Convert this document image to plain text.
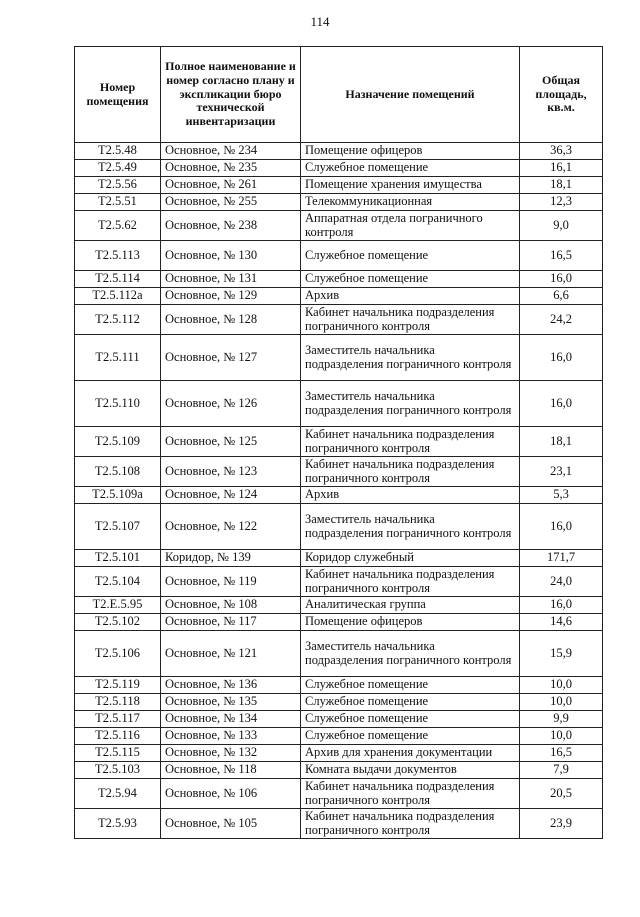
114
Номер помещения	Полное наименование и номер согласно плану и экспликации бюро технической инвентаризации	Назначение помещений	Общая площадь, кв.м.
Т2.5.48	Основное, № 234	Помещение офицеров	36,3
Т2.5.49	Основное, № 235	Служебное помещение	16,1
Т2.5.56	Основное, № 261	Помещение хранения имущества	18,1
Т2.5.51	Основное, № 255	Телекоммуникационная	12,3
Т2.5.62	Основное, № 238	Аппаратная отдела пограничного контроля	9,0
Т2.5.113	Основное, № 130	Служебное помещение	16,5
Т2.5.114	Основное, № 131	Служебное помещение	16,0
Т2.5.112а	Основное, № 129	Архив	6,6
Т2.5.112	Основное, № 128	Кабинет начальника подразделения пограничного контроля	24,2
Т2.5.111	Основное, № 127	Заместитель начальника подразделения пограничного контроля	16,0
Т2.5.110	Основное, № 126	Заместитель начальника подразделения пограничного контроля	16,0
Т2.5.109	Основное, № 125	Кабинет начальника подразделения пограничного контроля	18,1
Т2.5.108	Основное, № 123	Кабинет начальника подразделения пограничного контроля	23,1
Т2.5.109а	Основное, № 124	Архив	5,3
Т2.5.107	Основное, № 122	Заместитель начальника подразделения пограничного контроля	16,0
Т2.5.101	Коридор, № 139	Коридор служебный	171,7
Т2.5.104	Основное, № 119	Кабинет начальника подразделения пограничного контроля	24,0
Т2.Е.5.95	Основное, № 108	Аналитическая группа	16,0
Т2.5.102	Основное, № 117	Помещение офицеров	14,6
Т2.5.106	Основное, № 121	Заместитель начальника подразделения пограничного контроля	15,9
Т2.5.119	Основное, № 136	Служебное помещение	10,0
Т2.5.118	Основное, № 135	Служебное помещение	10,0
Т2.5.117	Основное, № 134	Служебное помещение	9,9
Т2.5.116	Основное, № 133	Служебное помещение	10,0
Т2.5.115	Основное, № 132	Архив для хранения документации	16,5
Т2.5.103	Основное, № 118	Комната выдачи документов	7,9
Т2.5.94	Основное, № 106	Кабинет начальника подразделения пограничного контроля	20,5
Т2.5.93	Основное, № 105	Кабинет начальника подразделения пограничного контроля	23,9
